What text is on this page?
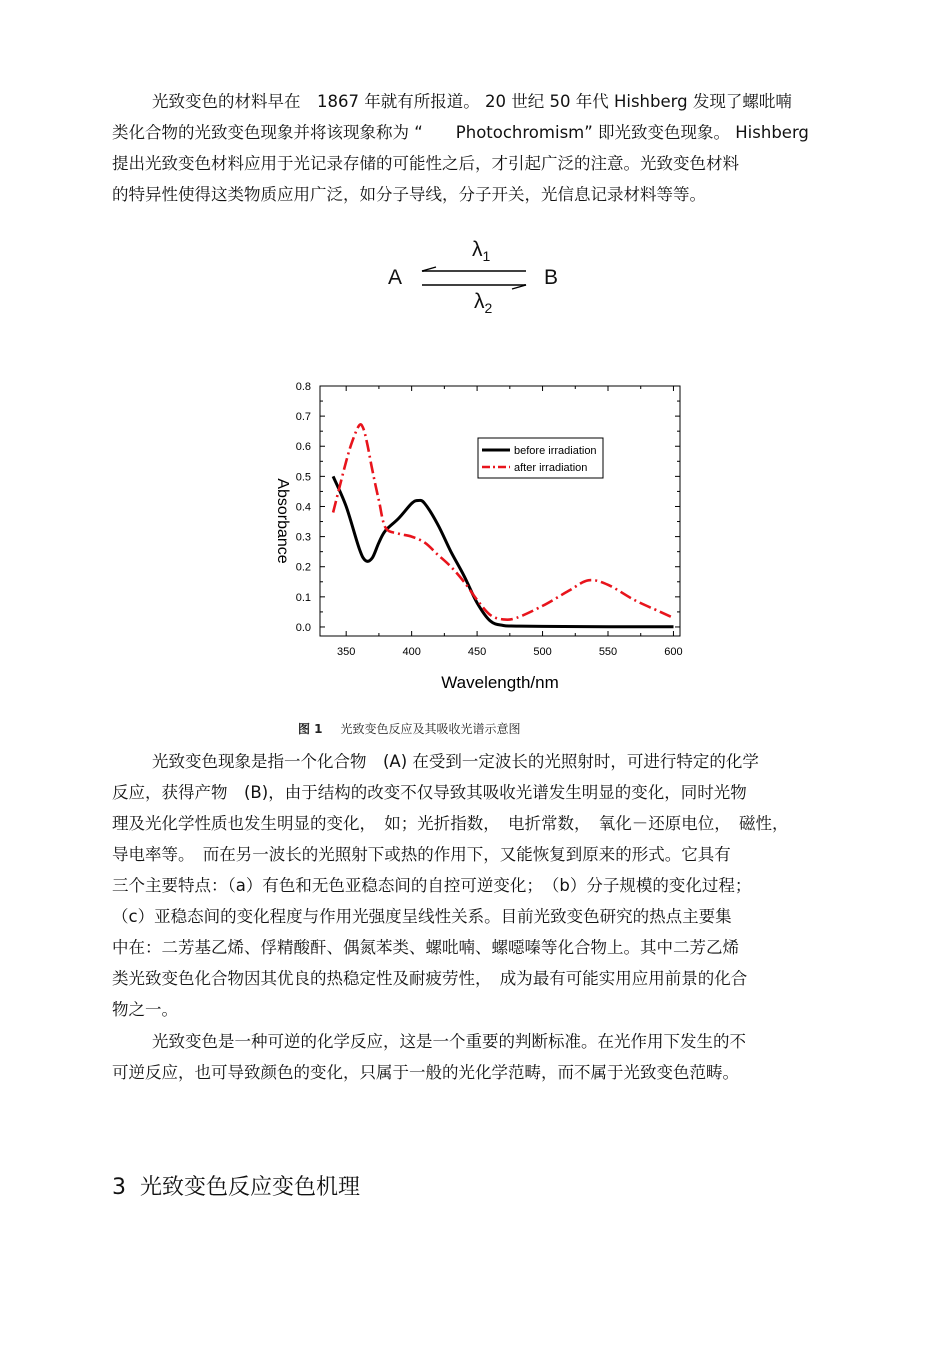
光致变色的材料早在　1867 年就有所报道。 20 世纪 50 年代 Hishberg 发现了螺吡喃
类化合物的光致变色现象并将该现象称为 “　　Photochromism” 即光致变色现象。 Hishberg
提出光致变色材料应用于光记录存储的可能性之后，才引起广泛的注意。光致变色材料
的特异性使得这类物质应用广泛，如分子导线，分子开关，光信息记录材料等等。
A	B
$\lambda_1$
$\lambda_2$
350	400	450	500	550	600
0.0
0.1
0.2
0.3
0.4
0.5
0.6
0.7
0.8
Wavelength/nm
Absorbance
before irradiation
after irradiation
图 1 光致变色反应及其吸收光谱示意图
光致变色现象是指一个化合物　(A) 在受到一定波长的光照射时，可进行特定的化学
反应，获得产物　(B)，由于结构的改变不仅导致其吸收光谱发生明显的变化，同时光物
理及光化学性质也发生明显的变化，　如；光折指数，　电折常数，　氧化－还原电位，　磁性，
导电率等。　而在另一波长的光照射下或热的作用下，又能恢复到原来的形式。它具有
三个主要特点：（a）有色和无色亚稳态间的自控可逆变化；　（b）分子规模的变化过程；
（c）亚稳态间的变化程度与作用光强度呈线性关系。目前光致变色研究的热点主要集
中在：二芳基乙烯、俘精酸酐、偶氮苯类、螺吡喃、螺噁嗪等化合物上。其中二芳乙烯
类光致变色化合物因其优良的热稳定性及耐疲劳性，　成为最有可能实用应用前景的化合
物之一。
光致变色是一种可逆的化学反应，这是一个重要的判断标准。在光作用下发生的不
可逆反应，也可导致颜色的变化，只属于一般的光化学范畴，而不属于光致变色范畴。
3 光致变色反应变色机理
